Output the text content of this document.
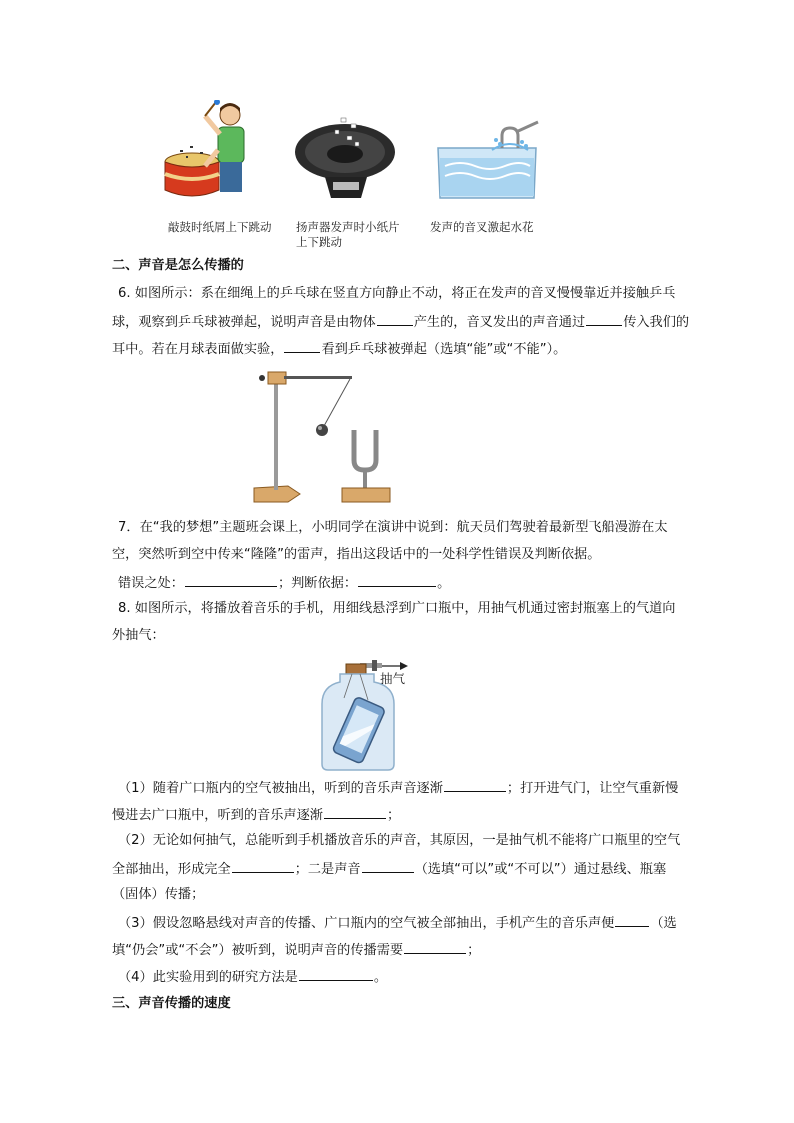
敲鼓时纸屑上下跳动 扬声器发声时小纸片
上下跳动
发声的音叉激起水花
二、声音是怎么传播的
6. 如图所示：系在细绳上的乒乓球在竖直方向静止不动，将正在发声的音叉慢慢靠近并接触乒乓
球，观察到乒乓球被弹起，说明声音是由物体	产生的，音叉发出的声音通过	传入我们的
耳中。若在月球表面做实验，	看到乒乓球被弹起（选填“能”或“不能”）。
7．在“我的梦想”主题班会课上，小明同学在演讲中说到：航天员们驾驶着最新型飞船漫游在太
空，突然听到空中传来“隆隆”的雷声，指出这段话中的一处科学性错误及判断依据。
错误之处：	；判断依据：	。
8. 如图所示，将播放着音乐的手机，用细线悬浮到广口瓶中，用抽气机通过密封瓶塞上的气道向
外抽气：
抽气
（1）随着广口瓶内的空气被抽出，听到的音乐声音逐渐	；打开进气门，让空气重新慢
慢进去广口瓶中，听到的音乐声逐渐	；
（2）无论如何抽气，总能听到手机播放音乐的声音，其原因，一是抽气机不能将广口瓶里的空气
全部抽出，形成完全	；二是声音	（选填“可以”或“不可以”）通过悬线、瓶塞
（固体）传播；
（3）假设忽略悬线对声音的传播、广口瓶内的空气被全部抽出，手机产生的音乐声便	（选
填“仍会”或“不会”）被听到，说明声音的传播需要	；
（4）此实验用到的研究方法是	。
三、声音传播的速度
